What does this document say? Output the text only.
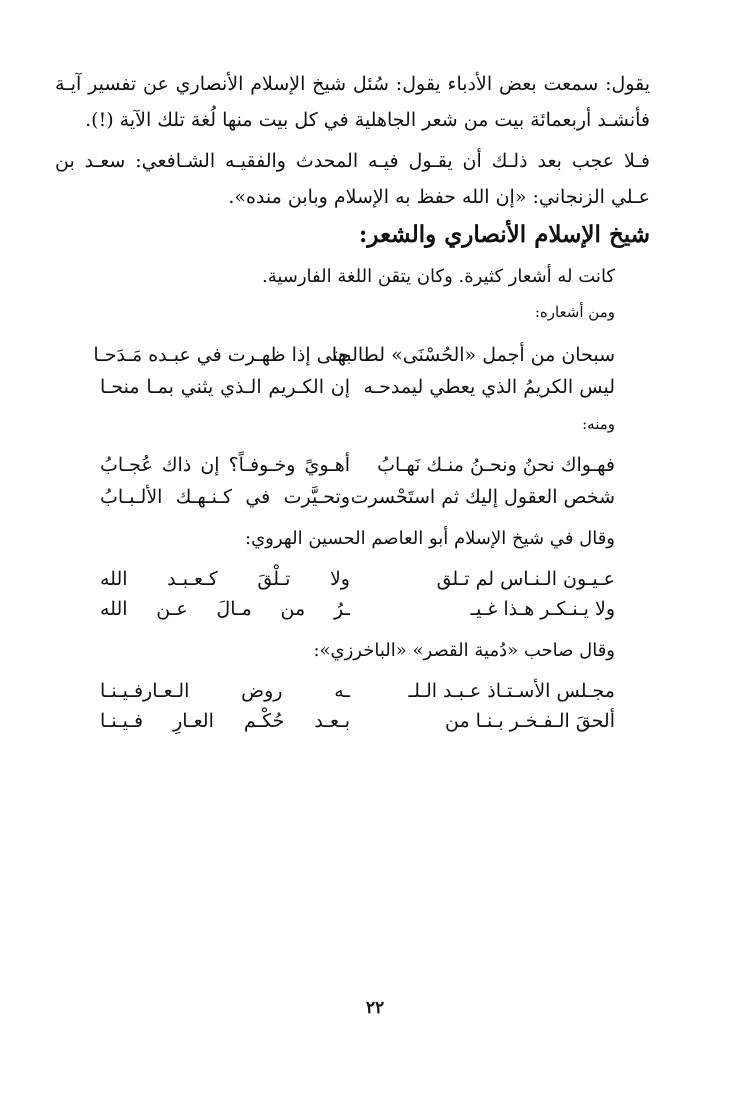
يقول: سمعت بعض الأدباء يقول: سُئل شيخ الإسلام الأنصاري عن تفسير آيـة فأنشـد أربعمائة بيت من شعر الجاهلية في كل بيت منها لُغة تلك الآية (!).
فـلا عجب بعد ذلـك أن يقـول فيـه المحدث والفقيـه الشـافعي: سعـد بن عـلي الزنجاني: «إن الله حفظ به الإسلام وبابن منده».
شيخ الإسلام الأنصاري والشعر:
كانت له أشعار كثيرة. وكان يتقن اللغة الفارسية.
ومن أشعاره:
سبحان من أجمل «الحُسْنَى» لطالبها
حتى إذا ظهـرت في عبـده مَـدَحـا
ليس الكريمُ الذي يعطي ليمدحـه
إن الكـريم الـذي يثني بمـا منحـا
ومنه:
فهـواك نحنُ ونحـنُ منـك نَهـابُ
أهـويً وخـوفـاً؟ إن ذاك عُجـابُ
شخص العقول إليك ثم استَحْسرت
وتحـيَّرت في كـنـهـك الألـبـابُ
وقال في شيخ الإسلام أبو العاصم الحسين الهروي:
عـيـون الـنـاس لم تـلق
ولا تـلْقَ كـعـبـد الله
ولا يـنـكـر هـذا غـيـ
ـرُ من مـالَ عـن الله
وقال صاحب «دُمية القصر» «الباخرزي»:
مجـلس الأسـتـاذ عـبـد الـلـ
ـه روض الـعـارفـيـنـا
ألحقَ الـفـخـر بـنـا من
بـعـد حُكْـم العـارِ فـيـنـا
٢٢
